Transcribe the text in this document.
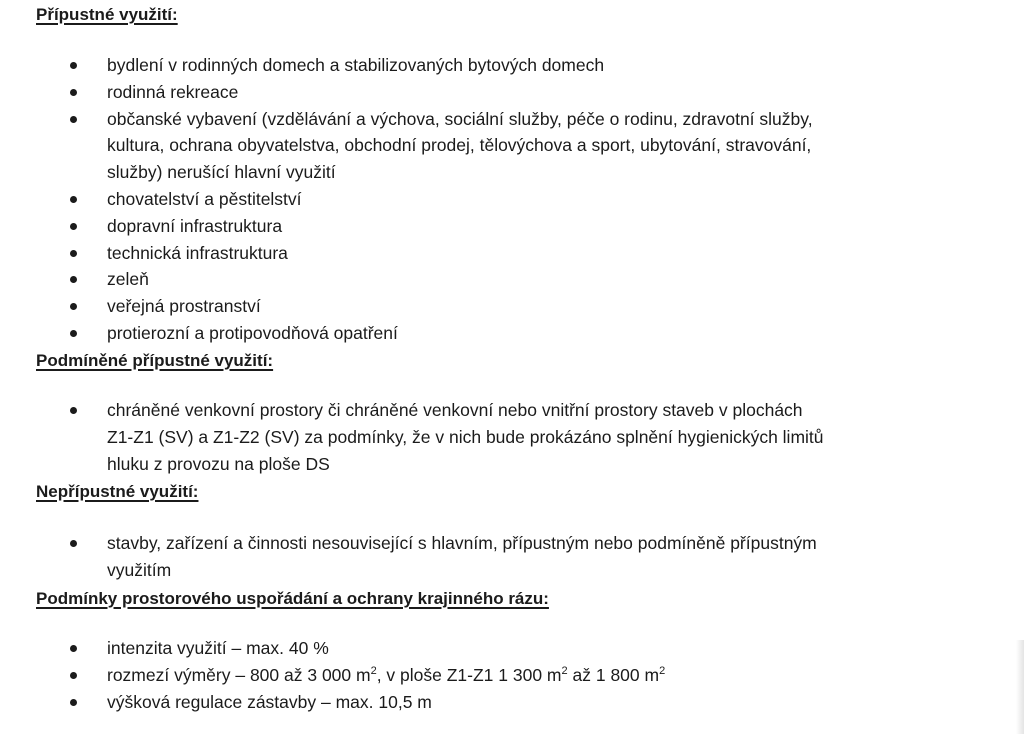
Přípustné využití:
bydlení v rodinných domech a stabilizovaných bytových domech
rodinná rekreace
občanské vybavení (vzdělávání a výchova, sociální služby, péče o rodinu, zdravotní služby,
kultura, ochrana obyvatelstva, obchodní prodej, tělovýchova a sport, ubytování, stravování,
služby) nerušící hlavní využití
chovatelství a pěstitelství
dopravní infrastruktura
technická infrastruktura
zeleň
veřejná prostranství
protierozní a protipovodňová opatření
Podmíněné přípustné využití:
chráněné venkovní prostory či chráněné venkovní nebo vnitřní prostory staveb v plochách
Z1-Z1 (SV) a Z1-Z2 (SV) za podmínky, že v nich bude prokázáno splnění hygienických limitů
hluku z provozu na ploše DS
Nepřípustné využití:
stavby, zařízení a činnosti nesouvisející s hlavním, přípustným nebo podmíněně přípustným
využitím
Podmínky prostorového uspořádání a ochrany krajinného rázu:
intenzita využití – max. 40 %
rozmezí výměry – 800 až 3 000 $m^2$, v ploše Z1-Z1 1 300 $m^2$ až 1 800 $m^2$
výšková regulace zástavby – max. 10,5 m
